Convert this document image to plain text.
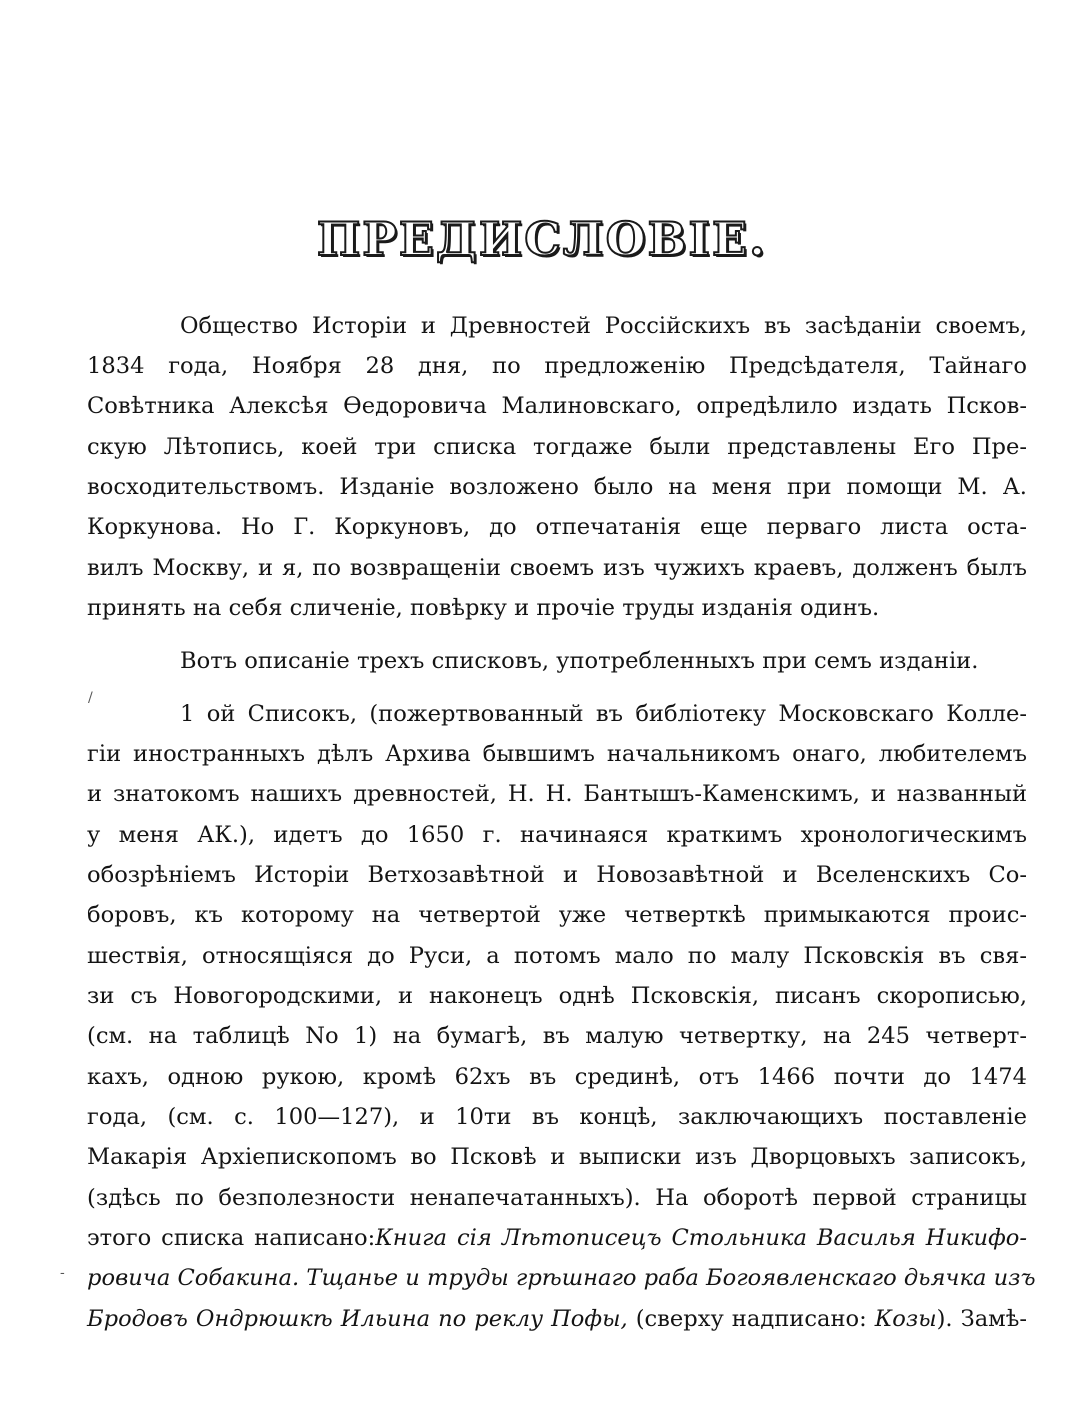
ПРЕДИСЛОВІЕ.
Общество Исторіи и Древностей Россійскихъ въ засѣданіи своемъ,
1834 года, Ноября 28 дня, по предложенію Предсѣдателя, Тайнаго
Совѣтника Алексѣя Ѳедоровича Малиновскаго, опредѣлило издать Псков-
скую Лѣтопись, коей три списка тогдаже были представлены Его Пре-
восходительствомъ. Изданіе возложено было на меня при помощи М. А.
Коркунова. Но Г. Коркуновъ, до отпечатанія еще перваго листа оста-
вилъ Москву, и я, по возвращеніи своемъ изъ чужихъ краевъ, долженъ былъ
принять на себя сличеніе, повѣрку и прочіе труды изданія одинъ.
Вотъ описаніе трехъ списковъ, употребленныхъ при семъ изданіи.
1 ой Списокъ, (пожертвованный въ библіотеку Московскаго Колле-
гіи иностранныхъ дѣлъ Архива бывшимъ начальникомъ онаго, любителемъ
и знатокомъ нашихъ древностей, Н. Н. Бантышъ-Каменскимъ, и названный
у меня АК.), идетъ до 1650 г. начинаяся краткимъ хронологическимъ
обозрѣніемъ Исторіи Ветхозавѣтной и Новозавѣтной и Вселенскихъ Со-
боровъ, къ которому на четвертой уже четверткѣ примыкаются проис-
шествія, относящіяся до Руси, а потомъ мало по малу Псковскія въ свя-
зи съ Новогородскими, и наконецъ однѣ Псковскія, писанъ скорописью,
(см. на таблицѣ No 1) на бумагѣ, въ малую четвертку, на 245 четверт-
кахъ, одною рукою, кромѣ 62хъ въ срединѣ, отъ 1466 почти до 1474
года, (см. с. 100—127), и 10ти въ концѣ, заключающихъ поставленіе
Макарія Архіепископомъ во Псковѣ и выписки изъ Дворцовыхъ записокъ,
(здѣсь по безполезности ненапечатанныхъ). На оборотѣ первой страницы
этого списка написано:Книга сія Лѣтописецъ Стольника Василья Никифо-
ровича Собакина. Тщанье и труды грѣшнаго раба Богоявленскаго дьячка изъ
Бродовъ Ондрюшкѣ Ильина по реклу Пофы, (сверху надписано: Козы). Замѣ-
/
-
